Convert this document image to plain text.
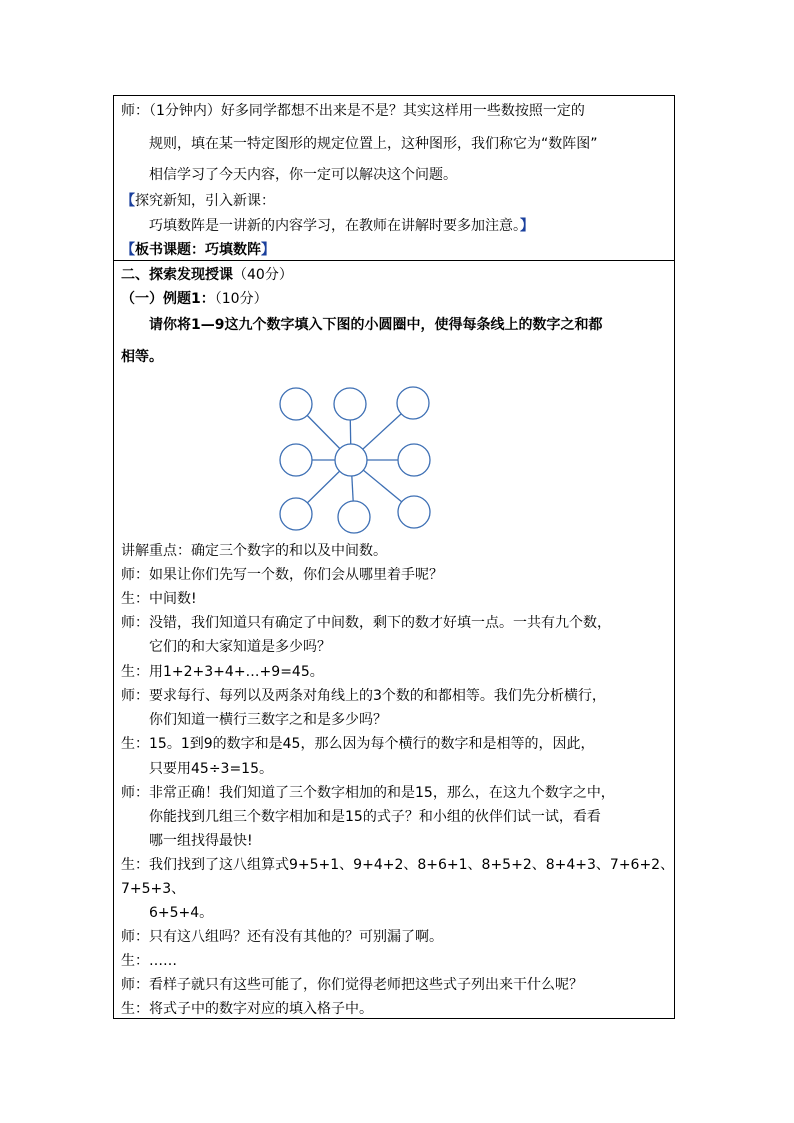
师：（1分钟内）好多同学都想不出来是不是？其实这样用一些数按照一定的
规则，填在某一特定图形的规定位置上，这种图形，我们称它为“数阵图”
相信学习了今天内容，你一定可以解决这个问题。
【探究新知，引入新课：
巧填数阵是一讲新的内容学习，在教师在讲解时要多加注意。】
【板书课题：巧填数阵】
二、探索发现授课（40分）
（一）例题1：（10分）
请你将1—9这九个数字填入下图的小圆圈中，使得每条线上的数字之和都
相等。
讲解重点：确定三个数字的和以及中间数。
师：如果让你们先写一个数，你们会从哪里着手呢？
生：中间数!
师：没错，我们知道只有确定了中间数，剩下的数才好填一点。一共有九个数，
它们的和大家知道是多少吗？
生：用1+2+3+4+…+9=45。
师：要求每行、每列以及两条对角线上的3个数的和都相等。我们先分析横行，
你们知道一横行三数字之和是多少吗？
生：15。1到9的数字和是45，那么因为每个横行的数字和是相等的，因此，
只要用45÷3=15。
师：非常正确！我们知道了三个数字相加的和是15，那么，在这九个数字之中，
你能找到几组三个数字相加和是15的式子？和小组的伙伴们试一试，看看
哪一组找得最快!
生：我们找到了这八组算式9+5+1、9+4+2、8+6+1、8+5+2、8+4+3、7+6+2、
7+5+3、
6+5+4。
师：只有这八组吗？还有没有其他的？可别漏了啊。
生：……
师：看样子就只有这些可能了，你们觉得老师把这些式子列出来干什么呢？
生：将式子中的数字对应的填入格子中。
